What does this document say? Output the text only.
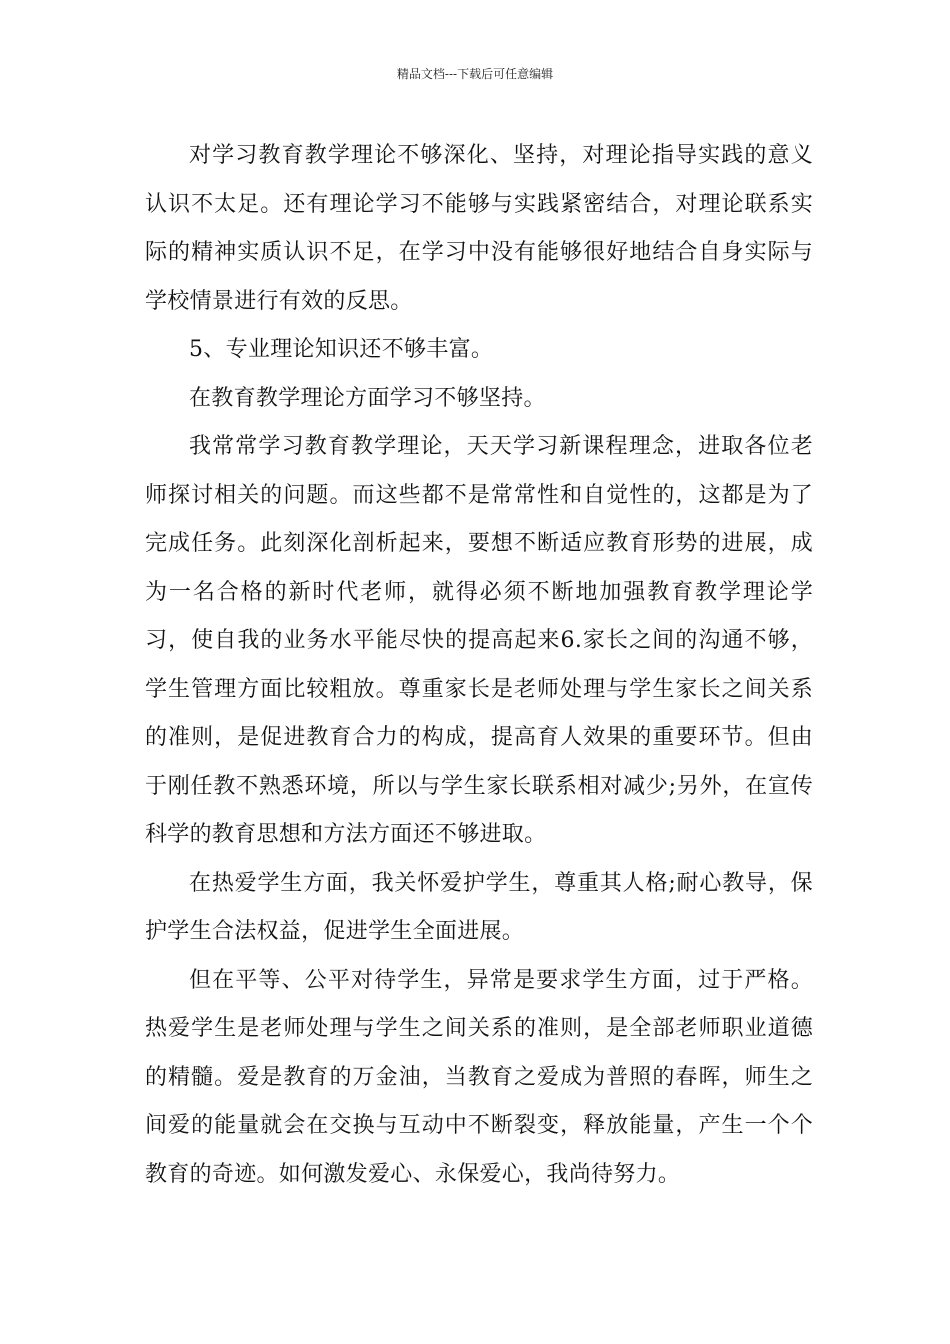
精品文档---下载后可任意编辑

对学习教育教学理论不够深化、坚持，对理论指导实践的意义认识不太足。还有理论学习不能够与实践紧密结合，对理论联系实际的精神实质认识不足，在学习中没有能够很好地结合自身实际与学校情景进行有效的反思。

5、专业理论知识还不够丰富。

在教育教学理论方面学习不够坚持。

我常常学习教育教学理论，天天学习新课程理念，进取各位老师探讨相关的问题。而这些都不是常常性和自觉性的，这都是为了完成任务。此刻深化剖析起来，要想不断适应教育形势的进展，成为一名合格的新时代老师，就得必须不断地加强教育教学理论学习，使自我的业务水平能尽快的提高起来6.家长之间的沟通不够，学生管理方面比较粗放。尊重家长是老师处理与学生家长之间关系的准则，是促进教育合力的构成，提高育人效果的重要环节。但由于刚任教不熟悉环境，所以与学生家长联系相对减少;另外，在宣传科学的教育思想和方法方面还不够进取。

在热爱学生方面，我关怀爱护学生，尊重其人格;耐心教导，保护学生合法权益，促进学生全面进展。

但在平等、公平对待学生，异常是要求学生方面，过于严格。热爱学生是老师处理与学生之间关系的准则，是全部老师职业道德的精髓。爱是教育的万金油，当教育之爱成为普照的春晖，师生之间爱的能量就会在交换与互动中不断裂变，释放能量，产生一个个教育的奇迹。如何激发爱心、永保爱心，我尚待努力。
